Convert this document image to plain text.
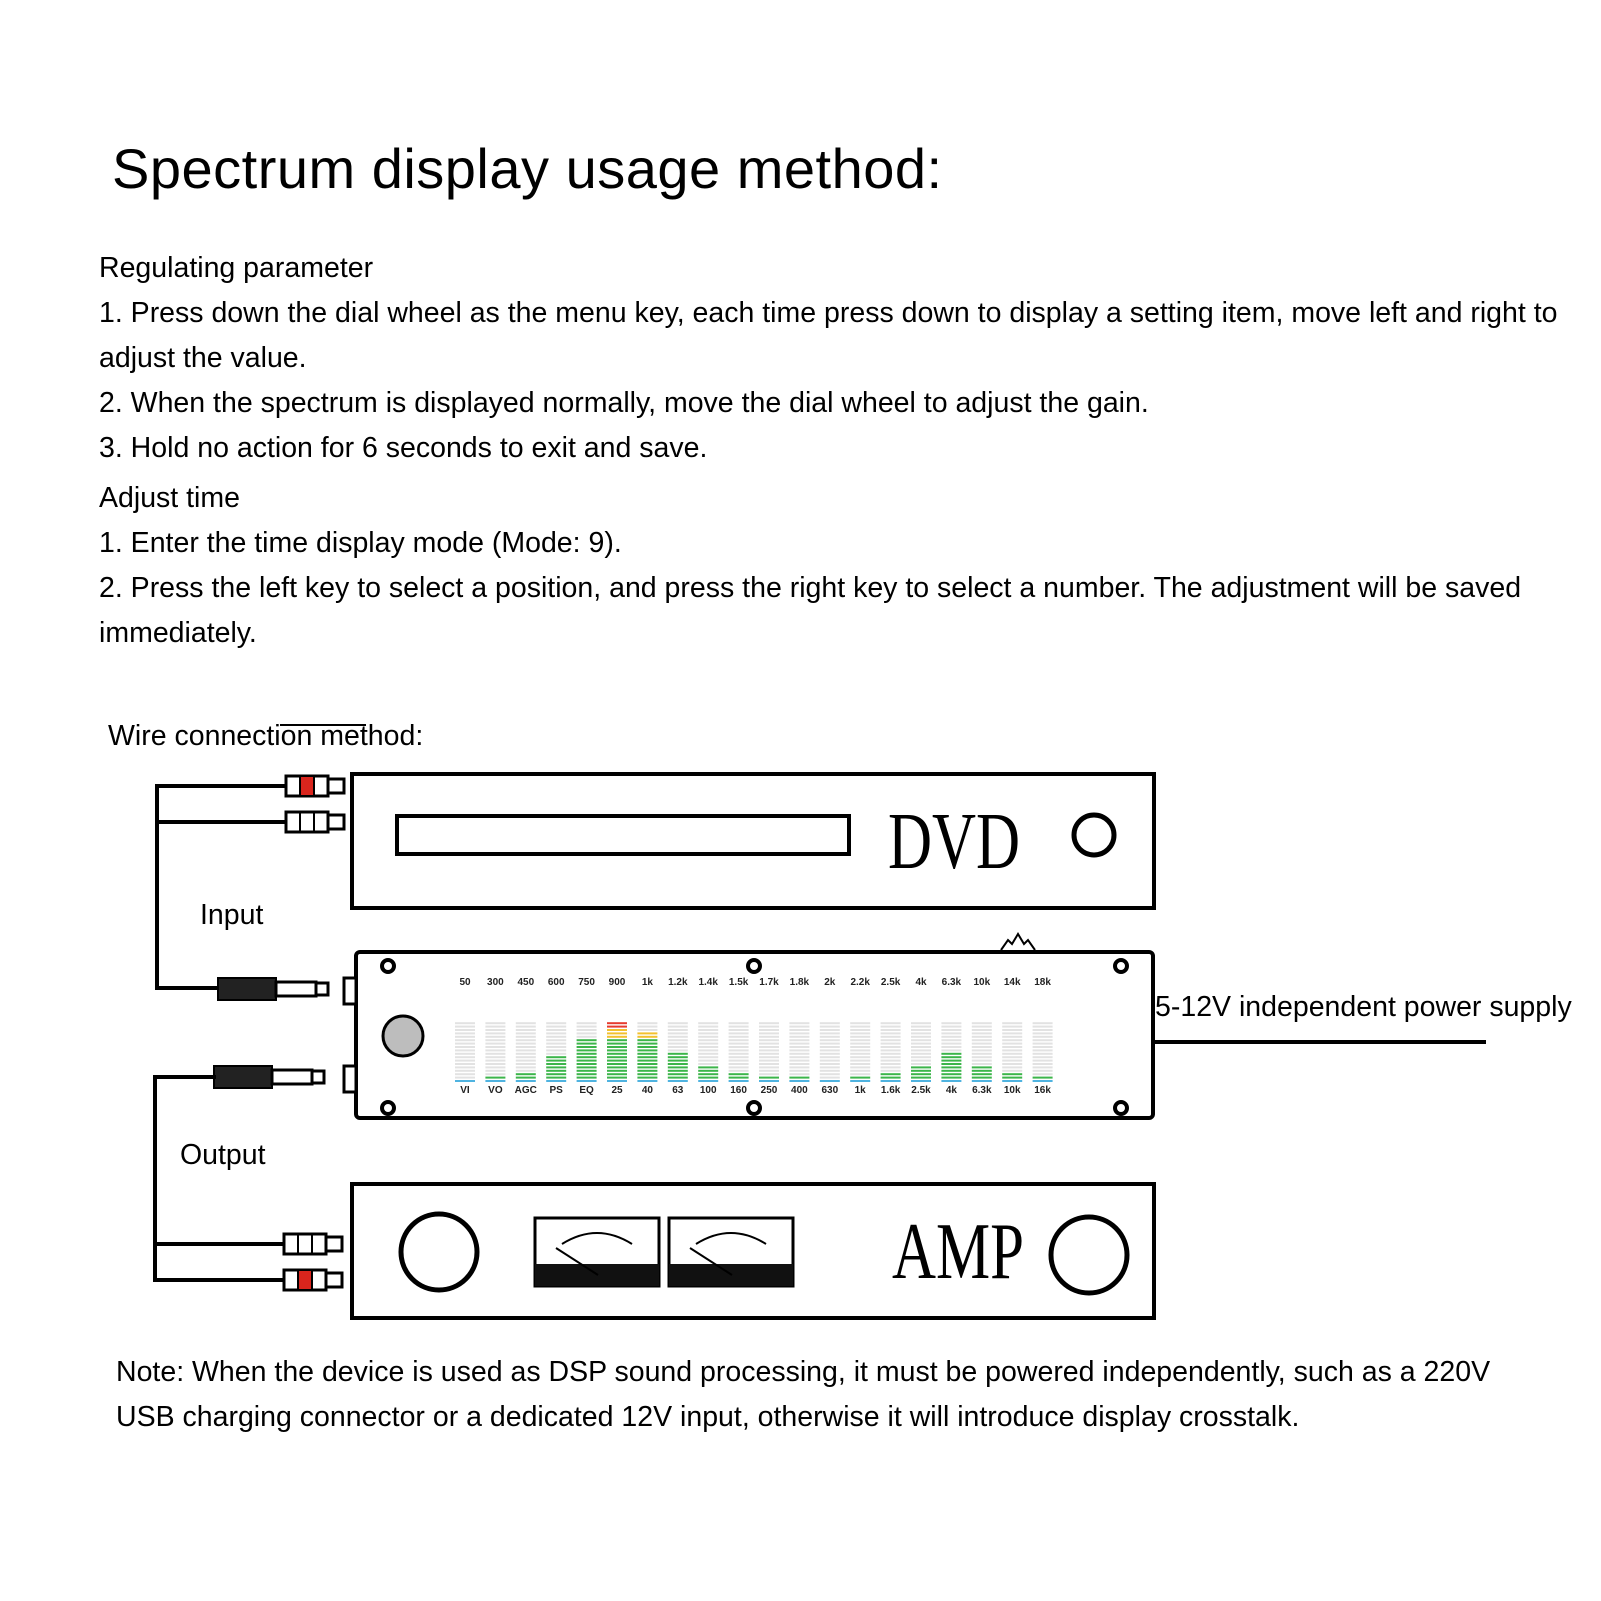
Spectrum display usage method:

Regulating parameter

1. Press down the dial wheel as the menu key, each time press down to display a setting item, move left and right to adjust the value.

2. When the spectrum is displayed normally, move the dial wheel to adjust the gain.

3. Hold no action for 6 seconds to exit and save.

Adjust time

1. Enter the time display mode (Mode: 9).

2. Press the left key to select a position, and press the right key to select a number. The adjustment will be saved immediately.

Wire connection method:
DVD
Input
50 300 450 600 750 900 1k 1.2k 1.4k 1.5k 1.7k 1.8k 2k 2.2k 2.5k 4k 6.3k 10k 14k 18k
VI VO AGC PS EQ 25 40 63 100 160 250 400 630 1k 1.6k 2.5k 4k 6.3k 10k 16k
5-12V independent power supply
Output
AMP

Note: When the device is used as DSP sound processing, it must be powered independently, such as a 220V USB charging connector or a dedicated 12V input, otherwise it will introduce display crosstalk.
